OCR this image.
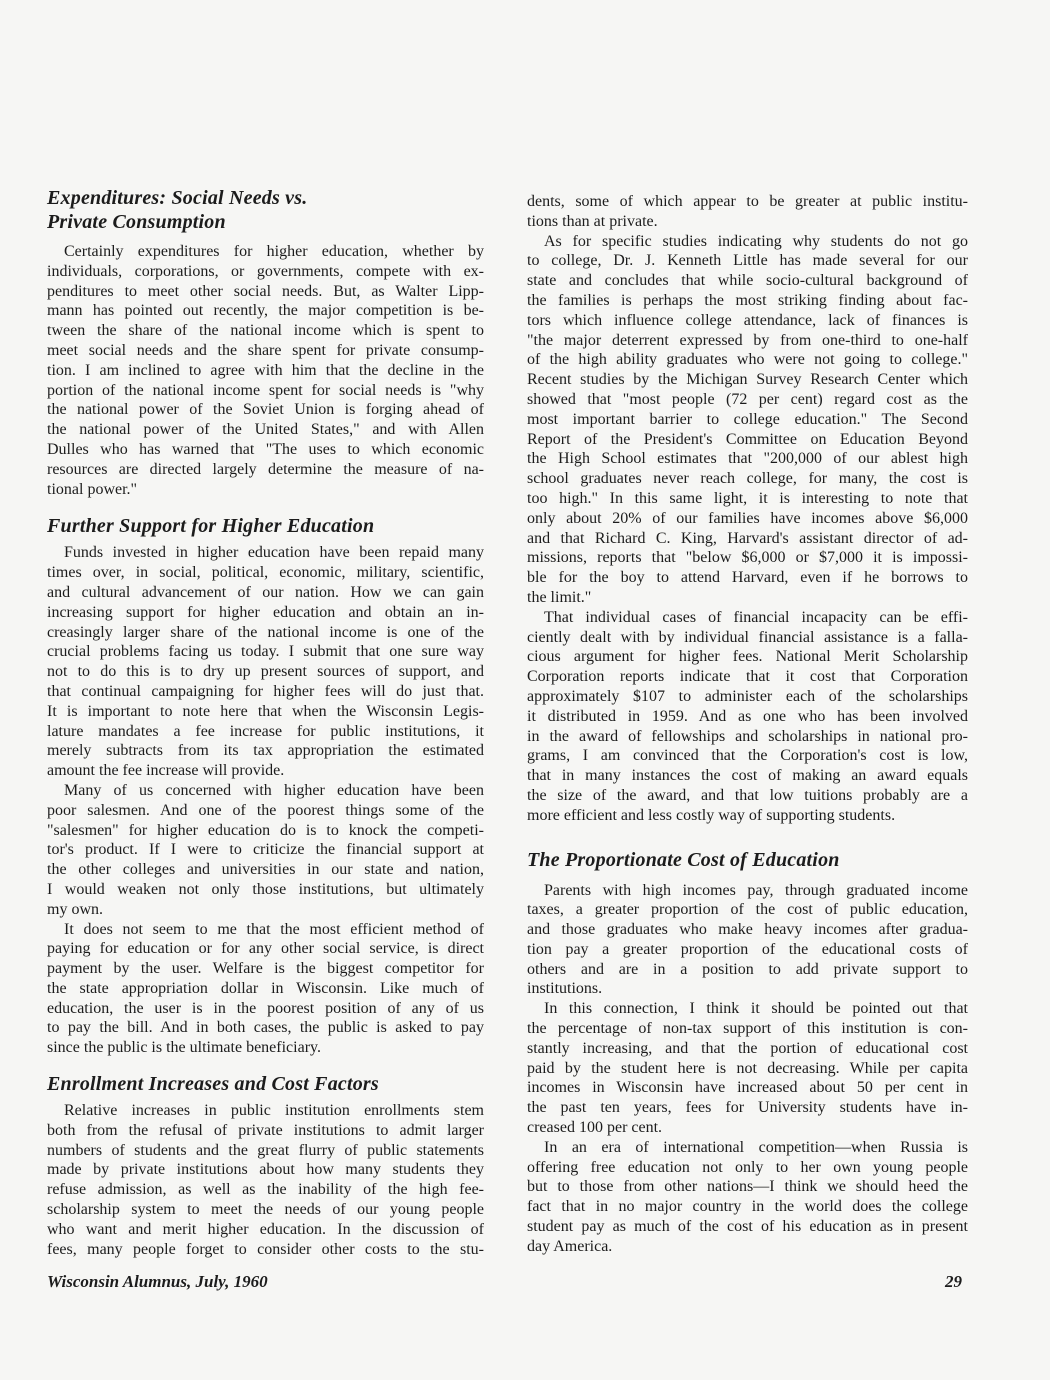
Expenditures: Social Needs vs.
Private Consumption
Certainly expenditures for higher education, whether by
individuals, corporations, or governments, compete with ex-
penditures to meet other social needs. But, as Walter Lipp-
mann has pointed out recently, the major competition is be-
tween the share of the national income which is spent to
meet social needs and the share spent for private consump-
tion. I am inclined to agree with him that the decline in the
portion of the national income spent for social needs is "why
the national power of the Soviet Union is forging ahead of
the national power of the United States," and with Allen
Dulles who has warned that "The uses to which economic
resources are directed largely determine the measure of na-
tional power."
Further Support for Higher Education
Funds invested in higher education have been repaid many
times over, in social, political, economic, military, scientific,
and cultural advancement of our nation. How we can gain
increasing support for higher education and obtain an in-
creasingly larger share of the national income is one of the
crucial problems facing us today. I submit that one sure way
not to do this is to dry up present sources of support, and
that continual campaigning for higher fees will do just that.
It is important to note here that when the Wisconsin Legis-
lature mandates a fee increase for public institutions, it
merely subtracts from its tax appropriation the estimated
amount the fee increase will provide.
Many of us concerned with higher education have been
poor salesmen. And one of the poorest things some of the
"salesmen" for higher education do is to knock the competi-
tor's product. If I were to criticize the financial support at
the other colleges and universities in our state and nation,
I would weaken not only those institutions, but ultimately
my own.
It does not seem to me that the most efficient method of
paying for education or for any other social service, is direct
payment by the user. Welfare is the biggest competitor for
the state appropriation dollar in Wisconsin. Like much of
education, the user is in the poorest position of any of us
to pay the bill. And in both cases, the public is asked to pay
since the public is the ultimate beneficiary.
Enrollment Increases and Cost Factors
Relative increases in public institution enrollments stem
both from the refusal of private institutions to admit larger
numbers of students and the great flurry of public statements
made by private institutions about how many students they
refuse admission, as well as the inability of the high fee-
scholarship system to meet the needs of our young people
who want and merit higher education. In the discussion of
fees, many people forget to consider other costs to the stu-
dents, some of which appear to be greater at public institu-
tions than at private.
As for specific studies indicating why students do not go
to college, Dr. J. Kenneth Little has made several for our
state and concludes that while socio-cultural background of
the families is perhaps the most striking finding about fac-
tors which influence college attendance, lack of finances is
"the major deterrent expressed by from one-third to one-half
of the high ability graduates who were not going to college."
Recent studies by the Michigan Survey Research Center which
showed that "most people (72 per cent) regard cost as the
most important barrier to college education." The Second
Report of the President's Committee on Education Beyond
the High School estimates that "200,000 of our ablest high
school graduates never reach college, for many, the cost is
too high." In this same light, it is interesting to note that
only about 20% of our families have incomes above $6,000
and that Richard C. King, Harvard's assistant director of ad-
missions, reports that "below $6,000 or $7,000 it is impossi-
ble for the boy to attend Harvard, even if he borrows to
the limit."
That individual cases of financial incapacity can be effi-
ciently dealt with by individual financial assistance is a falla-
cious argument for higher fees. National Merit Scholarship
Corporation reports indicate that it cost that Corporation
approximately $107 to administer each of the scholarships
it distributed in 1959. And as one who has been involved
in the award of fellowships and scholarships in national pro-
grams, I am convinced that the Corporation's cost is low,
that in many instances the cost of making an award equals
the size of the award, and that low tuitions probably are a
more efficient and less costly way of supporting students.
The Proportionate Cost of Education
Parents with high incomes pay, through graduated income
taxes, a greater proportion of the cost of public education,
and those graduates who make heavy incomes after gradua-
tion pay a greater proportion of the educational costs of
others and are in a position to add private support to
institutions.
In this connection, I think it should be pointed out that
the percentage of non-tax support of this institution is con-
stantly increasing, and that the portion of educational cost
paid by the student here is not decreasing. While per capita
incomes in Wisconsin have increased about 50 per cent in
the past ten years, fees for University students have in-
creased 100 per cent.
In an era of international competition—when Russia is
offering free education not only to her own young people
but to those from other nations—I think we should heed the
fact that in no major country in the world does the college
student pay as much of the cost of his education as in present
day America.
Wisconsin Alumnus, July, 1960	29
